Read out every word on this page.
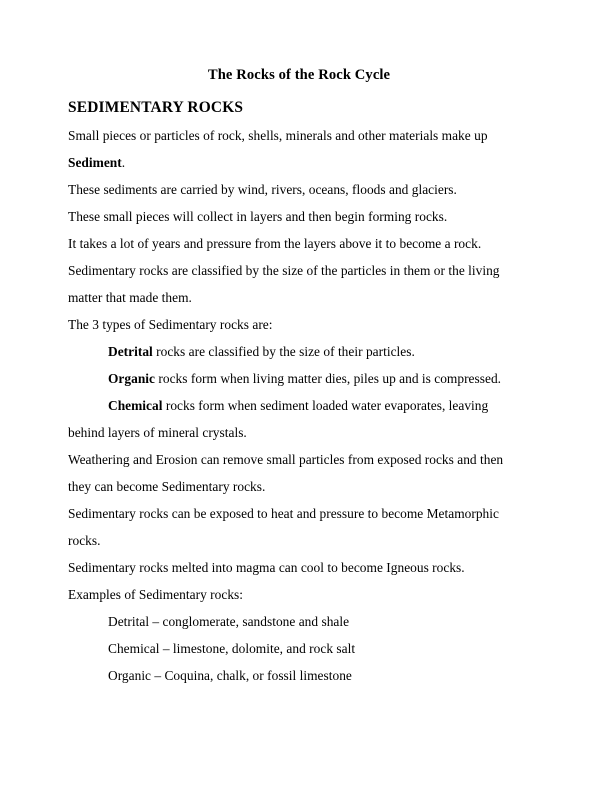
The Rocks of the Rock Cycle
SEDIMENTARY ROCKS

Small pieces or particles of rock, shells, minerals and other materials make up

Sediment.

These sediments are carried by wind, rivers, oceans, floods and glaciers.

These small pieces will collect in layers and then begin forming rocks.

It takes a lot of years and pressure from the layers above it to become a rock.

Sedimentary rocks are classified by the size of the particles in them or the living

matter that made them.

The 3 types of Sedimentary rocks are:

Detrital rocks are classified by the size of their particles.

Organic rocks form when living matter dies, piles up and is compressed.

Chemical rocks form when sediment loaded water evaporates, leaving

behind layers of mineral crystals.

Weathering and Erosion can remove small particles from exposed rocks and then

they can become Sedimentary rocks.

Sedimentary rocks can be exposed to heat and pressure to become Metamorphic

rocks.

Sedimentary rocks melted into magma can cool to become Igneous rocks.

Examples of Sedimentary rocks:

Detrital – conglomerate, sandstone and shale

Chemical – limestone, dolomite, and rock salt

Organic – Coquina, chalk, or fossil limestone
